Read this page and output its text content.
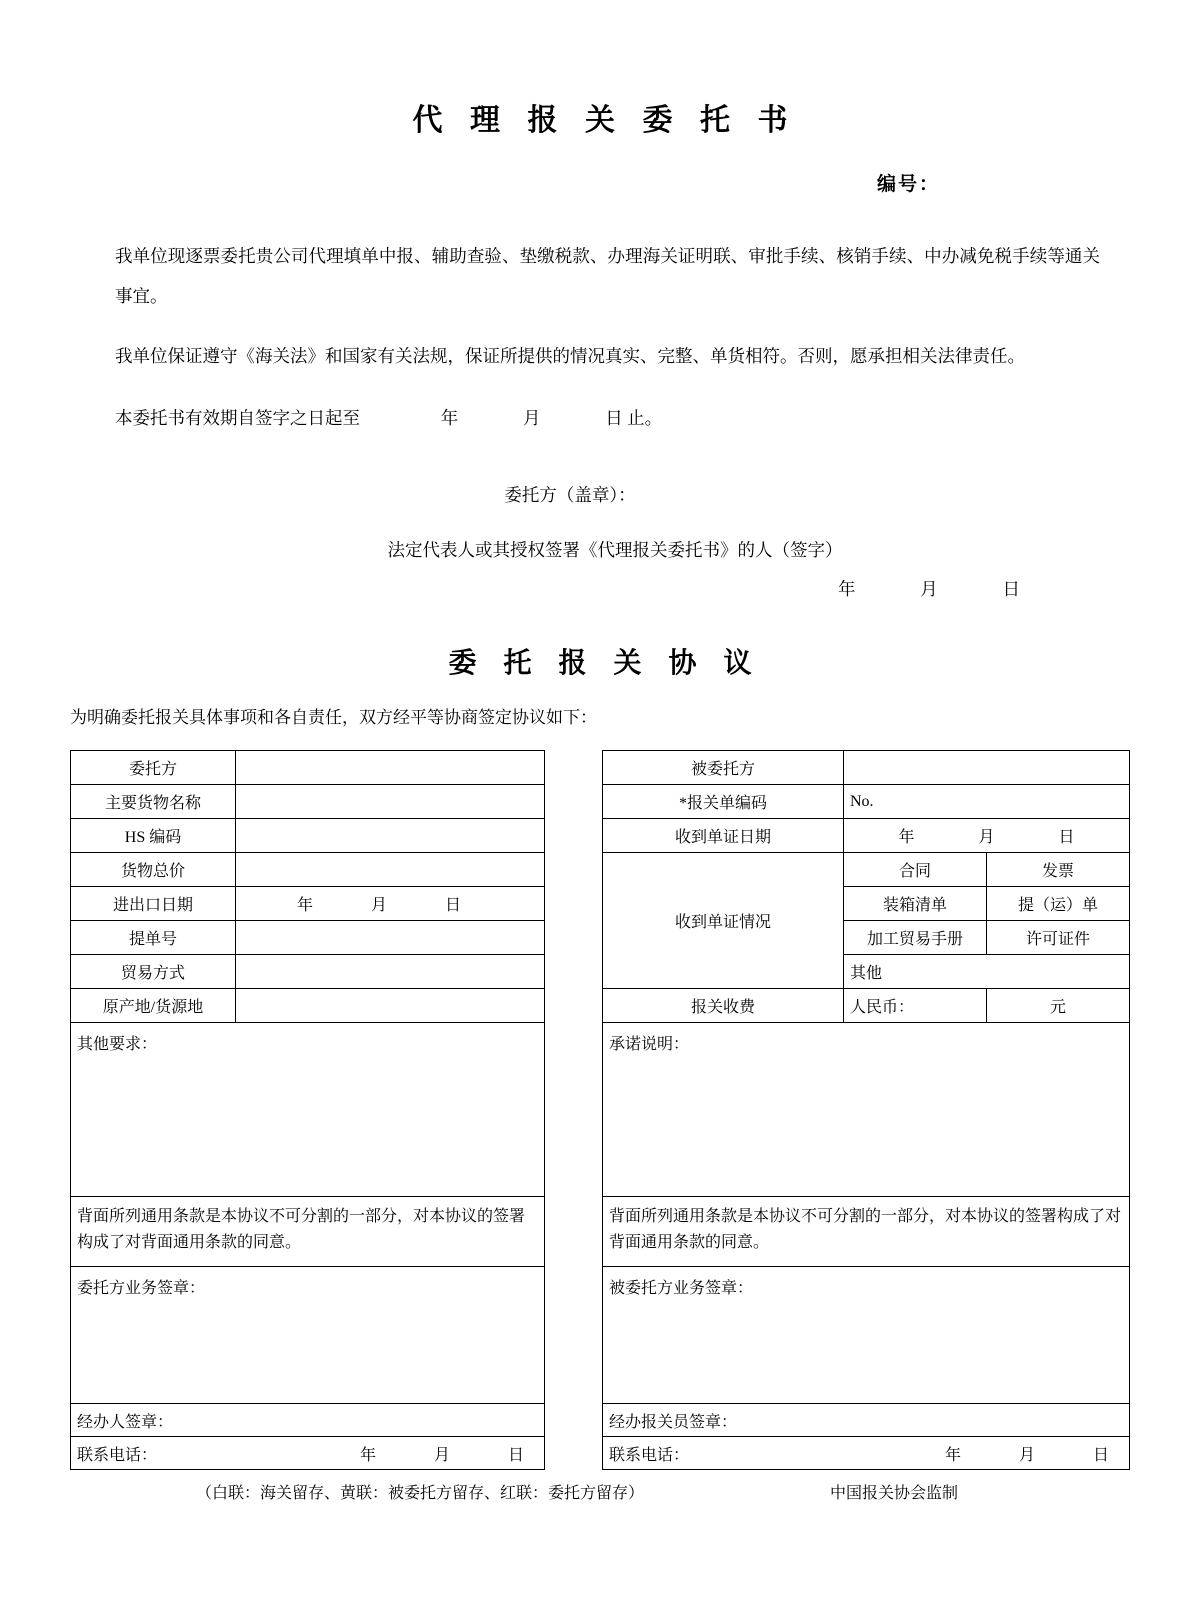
代 理 报 关 委 托 书
编号：

我单位现逐票委托贵公司代理填单中报、辅助查验、垫缴税款、办理海关证明联、审批手续、核销手续、中办减免税手续等通关事宜。

我单位保证遵守《海关法》和国家有关法规，保证所提供的情况真实、完整、单货相符。否则，愿承担相关法律责任。

本委托书有效期自签字之日起至	年	月	日 止。

委托方（盖章）：
法定代表人或其授权签署《代理报关委托书》的人（签字）
年	月	日
委 托 报 关 协 议
为明确委托报关具体事项和各自责任，双方经平等协商签定协议如下：
委托方	
主要货物名称	
HS 编码	
货物总价	
进出口日期	年 月 日

提单号	
贸易方式	
原产地/货源地	
其他要求：	
背面所列通用条款是本协议不可分割的一部分，对本协议的签署构成了对背面通用条款的同意。	
委托方业务签章：	
经办人签章：	

联系电话： 年 月 日	
被委托方		
*报关单编码	No.	
收到单证日期	年 月 日	

收到单证情况	合同	发票
	装箱清单	提（运）单
	加工贸易手册	许可证件
	其他	
报关收费	人民币：	元
承诺说明：		
背面所列通用条款是本协议不可分割的一部分，对本协议的签署构成了对背面通用条款的同意。		
被委托方业务签章：		
经办报关员签章：		

联系电话： 年 月 日		
（白联：海关留存、黄联：被委托方留存、红联：委托方留存）	中国报关协会监制
